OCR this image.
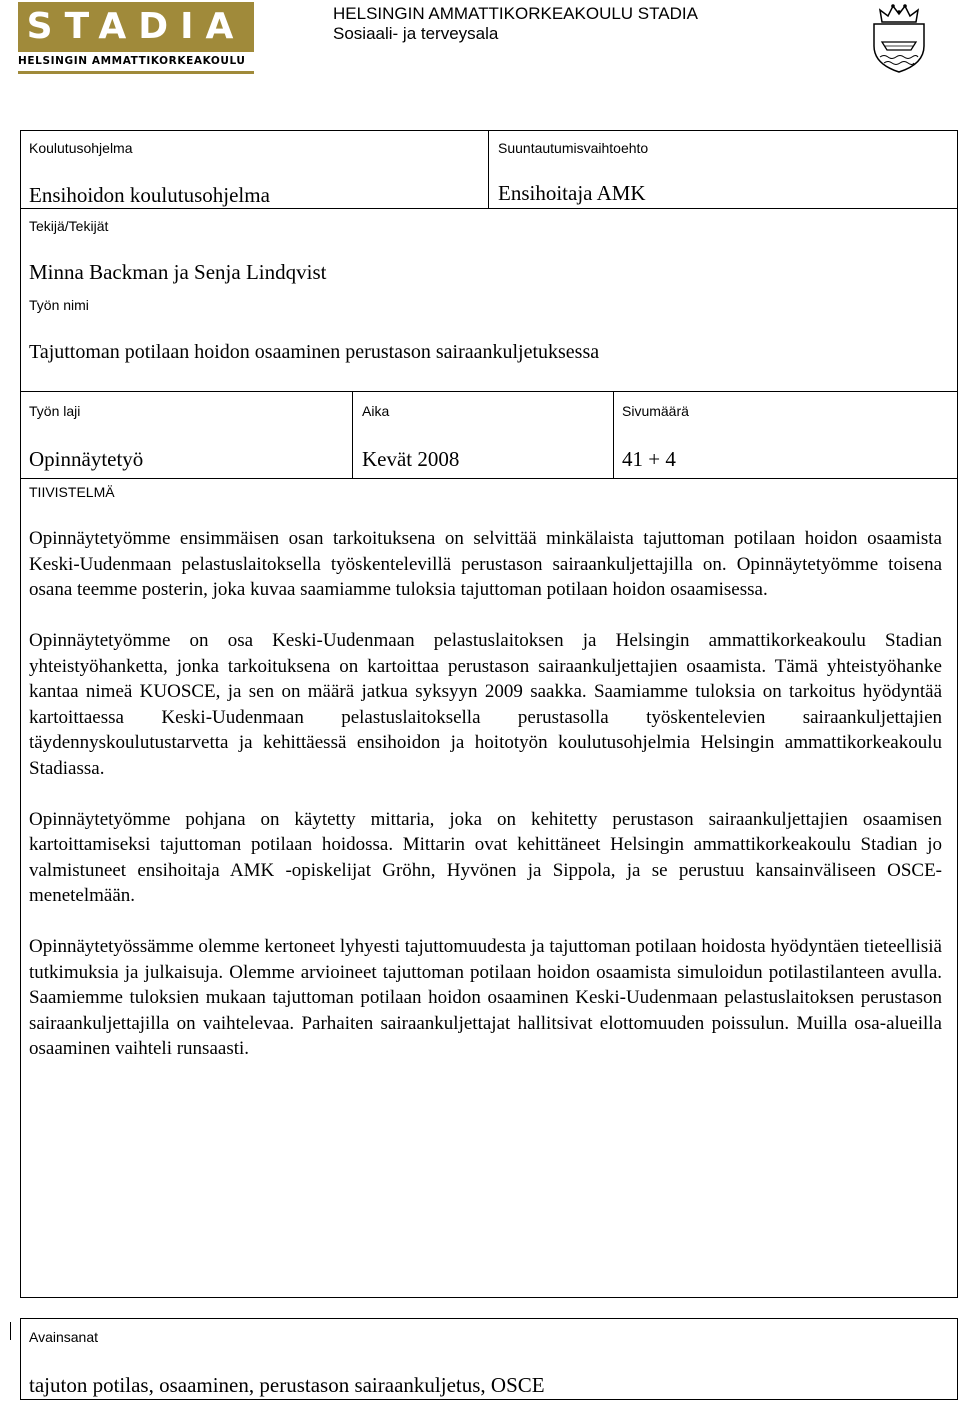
STADIA
HELSINGIN AMMATTIKORKEAKOULU
HELSINGIN AMMATTIKORKEAKOULU STADIA
Sosiaali- ja terveysala
Koulutusohjelma
Ensihoidon koulutusohjelma
Suuntautumisvaihtoehto
Ensihoitaja AMK
Tekijä/Tekijät
Minna Backman ja Senja Lindqvist
Työn nimi
Tajuttoman potilaan hoidon osaaminen perustason sairaankuljetuksessa
Työn laji
Opinnäytetyö
Aika
Kevät 2008
Sivumäärä
41 + 4
TIIVISTELMÄ

Opinnäytetyömme ensimmäisen osan tarkoituksena on selvittää minkälaista tajuttoman potilaan hoidon osaamista Keski-Uudenmaan pelastuslaitoksella työskentelevillä perustason sairaankuljettajilla on. Opinnäytetyömme toisena osana teemme posterin, joka kuvaa saamiamme tuloksia tajuttoman potilaan hoidon osaamisessa.

Opinnäytetyömme on osa Keski-Uudenmaan pelastuslaitoksen ja Helsingin ammattikorkeakoulu Stadian yhteistyöhanketta, jonka tarkoituksena on kartoittaa perustason sairaankuljettajien osaamista. Tämä yhteistyöhanke kantaa nimeä KUOSCE, ja sen on määrä jatkua syksyyn 2009 saakka. Saamiamme tuloksia on tarkoitus hyödyntää kartoittaessa Keski-Uudenmaan pelastuslaitoksella perustasolla työskentelevien sairaankuljettajien täydennyskoulutustarvetta ja kehittäessä ensihoidon ja hoitotyön koulutusohjelmia Helsingin ammattikorkeakoulu Stadiassa.

Opinnäytetyömme pohjana on käytetty mittaria, joka on kehitetty perustason sairaankuljettajien osaamisen kartoittamiseksi tajuttoman potilaan hoidossa. Mittarin ovat kehittäneet Helsingin ammattikorkeakoulu Stadian jo valmistuneet ensihoitaja AMK -opiskelijat Gröhn, Hyvönen ja Sippola, ja se perustuu kansainväliseen OSCE-menetelmään.

Opinnäytetyössämme olemme kertoneet lyhyesti tajuttomuudesta ja tajuttoman potilaan hoidosta hyödyntäen tieteellisiä tutkimuksia ja julkaisuja. Olemme arvioineet tajuttoman potilaan hoidon osaamista simuloidun potilastilanteen avulla. Saamiemme tuloksien mukaan tajuttoman potilaan hoidon osaaminen Keski-Uudenmaan pelastuslaitoksen perustason sairaankuljettajilla on vaihtelevaa. Parhaiten sairaankuljettajat hallitsivat elottomuuden poissulun. Muilla osa-alueilla osaaminen vaihteli runsaasti.

Avainsanat
tajuton potilas, osaaminen, perustason sairaankuljetus, OSCE
